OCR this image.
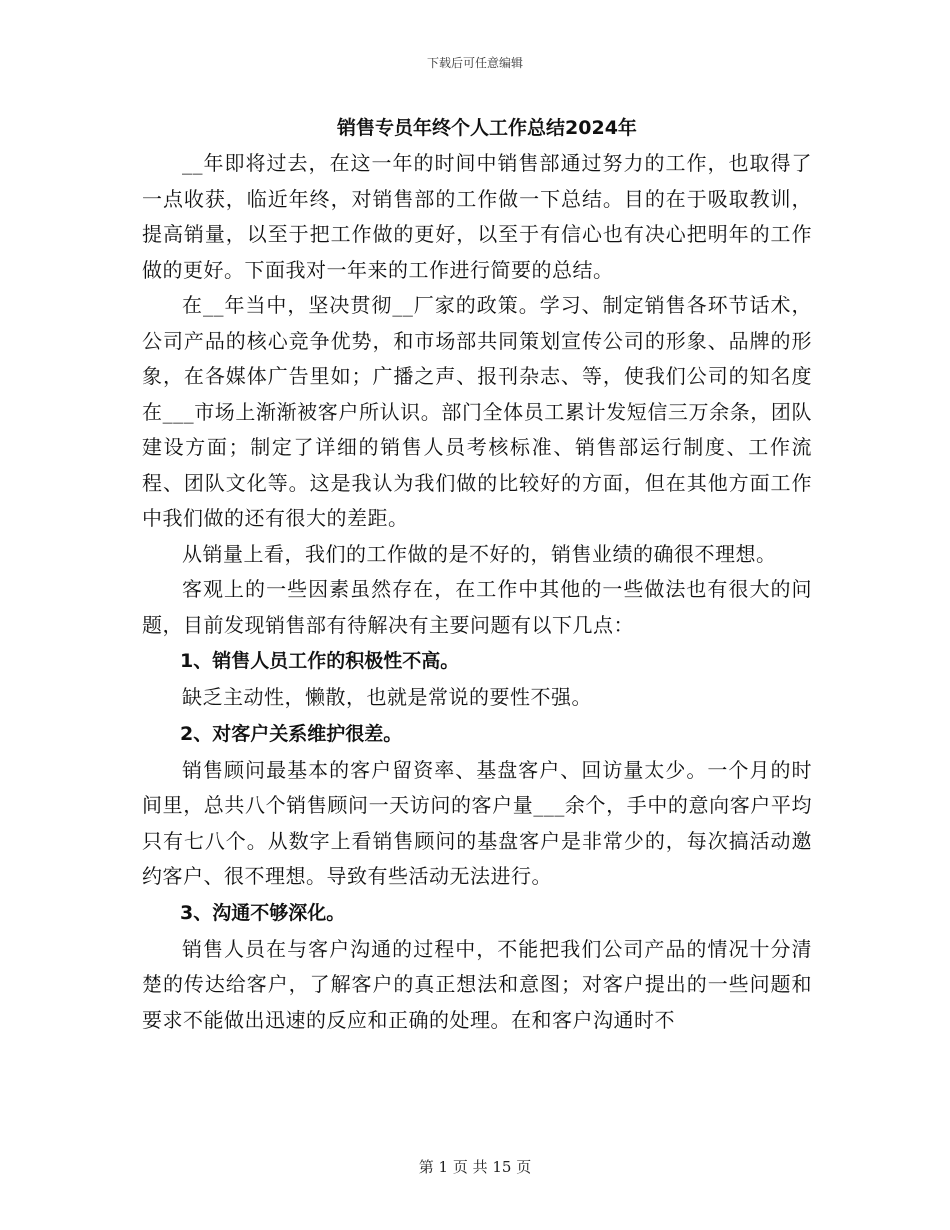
下载后可任意编辑
销售专员年终个人工作总结2024年

__年即将过去，在这一年的时间中销售部通过努力的工作，也取得了一点收获，临近年终，对销售部的工作做一下总结。目的在于吸取教训，提高销量，以至于把工作做的更好，以至于有信心也有决心把明年的工作做的更好。下面我对一年来的工作进行简要的总结。

在__年当中，坚决贯彻__厂家的政策。学习、制定销售各环节话术，公司产品的核心竞争优势，和市场部共同策划宣传公司的形象、品牌的形象，在各媒体广告里如；广播之声、报刊杂志、等，使我们公司的知名度在___市场上渐渐被客户所认识。部门全体员工累计发短信三万余条，团队建设方面；制定了详细的销售人员考核标准、销售部运行制度、工作流程、团队文化等。这是我认为我们做的比较好的方面，但在其他方面工作中我们做的还有很大的差距。

从销量上看，我们的工作做的是不好的，销售业绩的确很不理想。

客观上的一些因素虽然存在，在工作中其他的一些做法也有很大的问题，目前发现销售部有待解决有主要问题有以下几点：

1、销售人员工作的积极性不高。

缺乏主动性，懒散，也就是常说的要性不强。

2、对客户关系维护很差。

销售顾问最基本的客户留资率、基盘客户、回访量太少。一个月的时间里，总共八个销售顾问一天访问的客户量___余个，手中的意向客户平均只有七八个。从数字上看销售顾问的基盘客户是非常少的，每次搞活动邀约客户、很不理想。导致有些活动无法进行。

3、沟通不够深化。

销售人员在与客户沟通的过程中，不能把我们公司产品的情况十分清楚的传达给客户，了解客户的真正想法和意图；对客户提出的一些问题和要求不能做出迅速的反应和正确的处理。在和客户沟通时不

第 1 页 共 15 页
